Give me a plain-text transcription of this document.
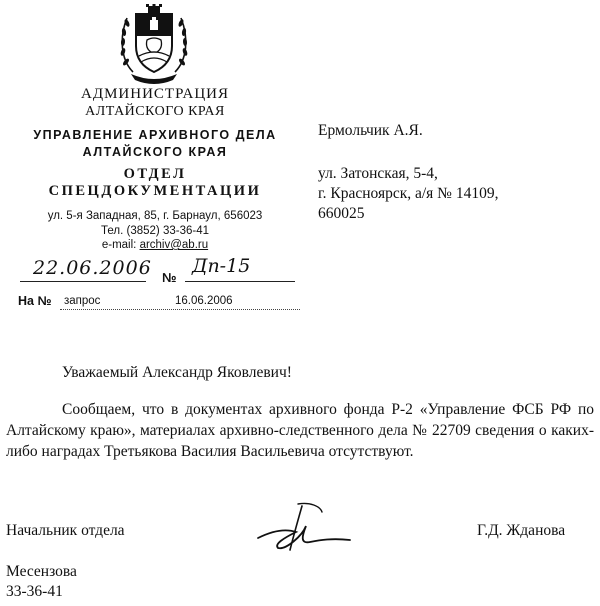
АДМИНИСТРАЦИЯ
АЛТАЙСКОГО КРАЯ
УПРАВЛЕНИЕ АРХИВНОГО ДЕЛА
АЛТАЙСКОГО КРАЯ
ОТДЕЛ
СПЕЦДОКУМЕНТАЦИИ
ул. 5-я Западная, 85, г. Барнаул, 656023
Тел. (3852) 33-36-41
e-mail: archiv@ab.ru
22.06.2006 №
Дп-15
На № запрос	16.06.2006
Ермольчик А.Я.
ул. Затонская, 5-4,
г. Красноярск, а/я № 14109,
660025
Уважаемый Александр Яковлевич!

Сообщаем, что в документах архивного фонда Р-2 «Управление ФСБ РФ по Алтайскому краю», материалах архивно-следственного дела № 22709 сведения о каких-либо наградах Третьякова Василия Васильевича отсутствуют.

Начальник отдела	Г.Д. Жданова
Месензова
33-36-41
